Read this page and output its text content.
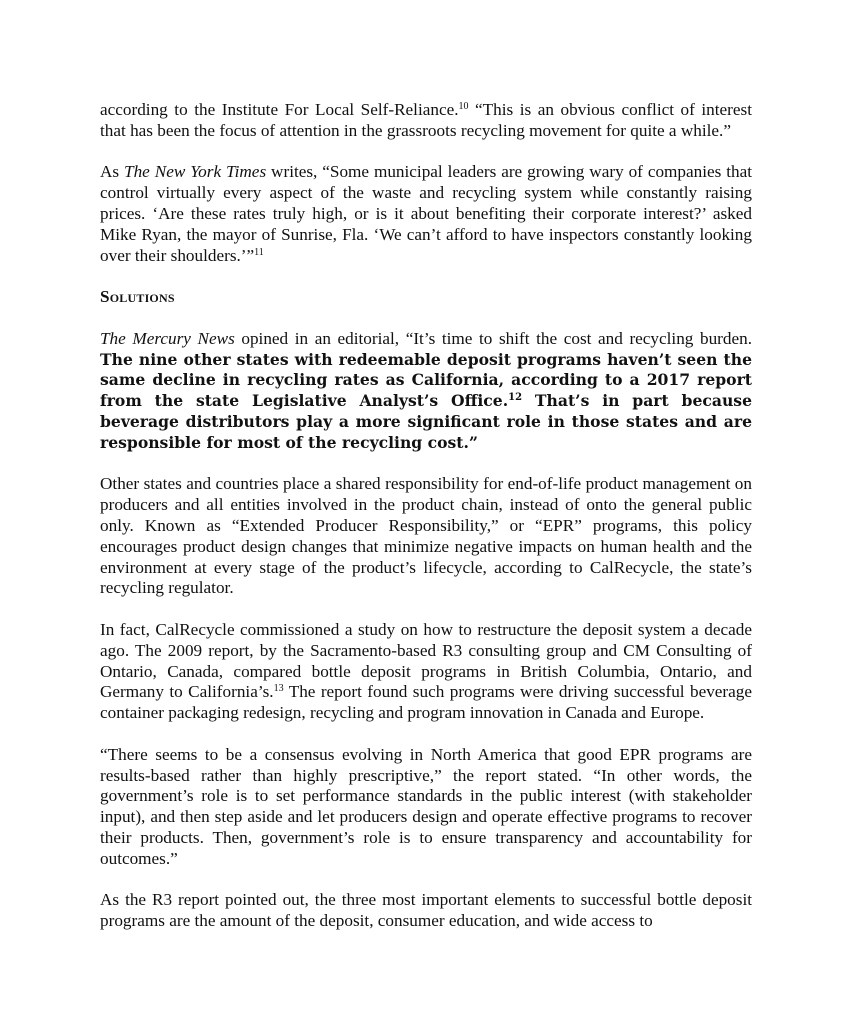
according to the Institute For Local Self-Reliance.$^{10}$ “This is an obvious conflict of interest that has been the focus of attention in the grassroots recycling movement for quite a while.”

As The New York Times writes, “Some municipal leaders are growing wary of companies that control virtually every aspect of the waste and recycling system while constantly raising prices. ‘Are these rates truly high, or is it about benefiting their corporate interest?’ asked Mike Ryan, the mayor of Sunrise, Fla. ‘We can’t afford to have inspectors constantly looking over their shoulders.’”$^{11}$

Solutions

The Mercury News opined in an editorial, “It’s time to shift the cost and recycling burden. The nine other states with redeemable deposit programs haven’t seen the same decline in recycling rates as California, according to a 2017 report from the state Legislative Analyst’s Office.$^{12}$ That’s in part because beverage distributors play a more significant role in those states and are responsible for most of the recycling cost.”

Other states and countries place a shared responsibility for end-of-life product management on producers and all entities involved in the product chain, instead of onto the general public only. Known as “Extended Producer Responsibility,” or “EPR” programs, this policy encourages product design changes that minimize negative impacts on human health and the environment at every stage of the product’s lifecycle, according to CalRecycle, the state’s recycling regulator.

In fact, CalRecycle commissioned a study on how to restructure the deposit system a decade ago. The 2009 report, by the Sacramento-based R3 consulting group and CM Consulting of Ontario, Canada, compared bottle deposit programs in British Columbia, Ontario, and Germany to California’s.$^{13}$ The report found such programs were driving successful beverage container packaging redesign, recycling and program innovation in Canada and Europe.

“There seems to be a consensus evolving in North America that good EPR programs are results-based rather than highly prescriptive,” the report stated. “In other words, the government’s role is to set performance standards in the public interest (with stakeholder input), and then step aside and let producers design and operate effective programs to recover their products. Then, government’s role is to ensure transparency and accountability for outcomes.”

As the R3 report pointed out, the three most important elements to successful bottle deposit programs are the amount of the deposit, consumer education, and wide access to
